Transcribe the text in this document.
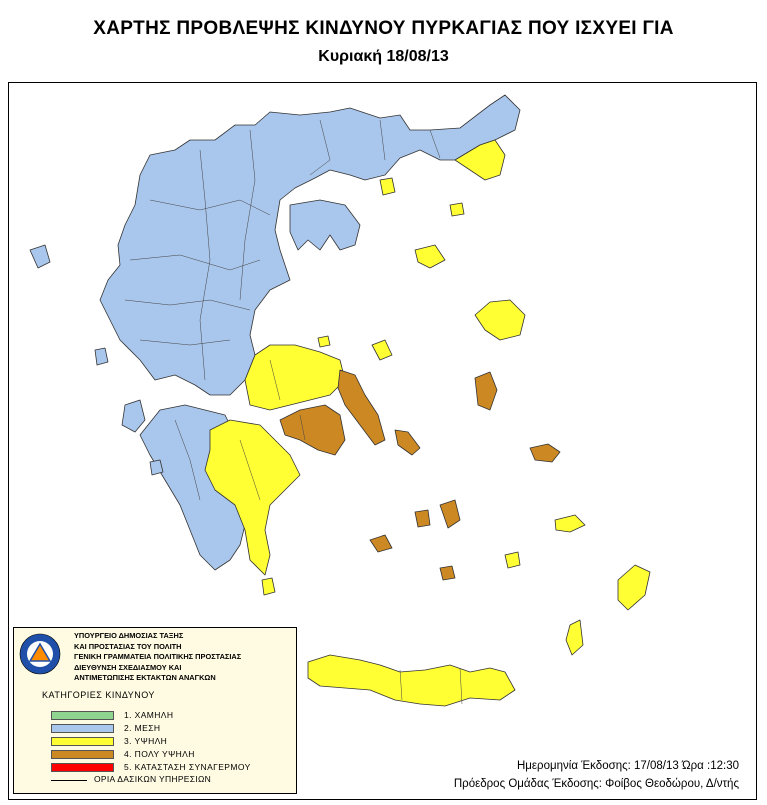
ΧΑΡΤΗΣ ΠΡΟΒΛΕΨΗΣ ΚΙΝΔΥΝΟΥ ΠΥΡΚΑΓΙΑΣ ΠΟΥ ΙΣΧΥΕΙ ΓΙΑ
Κυριακή 18/08/13
ΥΠΟΥΡΓΕΙΟ ΔΗΜΟΣΙΑΣ ΤΑΞΗΣ
ΚΑΙ ΠΡΟΣΤΑΣΙΑΣ ΤΟΥ ΠΟΛΙΤΗ
ΓΕΝΙΚΗ ΓΡΑΜΜΑΤΕΙΑ ΠΟΛΙΤΙΚΗΣ ΠΡΟΣΤΑΣΙΑΣ
ΔΙΕΥΘΥΝΣΗ ΣΧΕΔΙΑΣΜΟΥ ΚΑΙ
ΑΝΤΙΜΕΤΩΠΙΣΗΣ ΕΚΤΑΚΤΩΝ ΑΝΑΓΚΩΝ
ΚΑΤΗΓΟΡΙΕΣ ΚΙΝΔΥΝΟΥ
1. ΧΑΜΗΛΗ
2. ΜΕΣΗ
3. ΥΨΗΛΗ
4. ΠΟΛΥ ΥΨΗΛΗ
5. ΚΑΤΑΣΤΑΣΗ ΣΥΝΑΓΕΡΜΟΥ
ΟΡΙΑ ΔΑΣΙΚΩΝ ΥΠΗΡΕΣΙΩΝ
Ημερομηνία Έκδοσης: 17/08/13 Ώρα :12:30
Πρόεδρος Ομάδας Έκδοσης: Φοίβος Θεοδώρου, Δ/ντής
